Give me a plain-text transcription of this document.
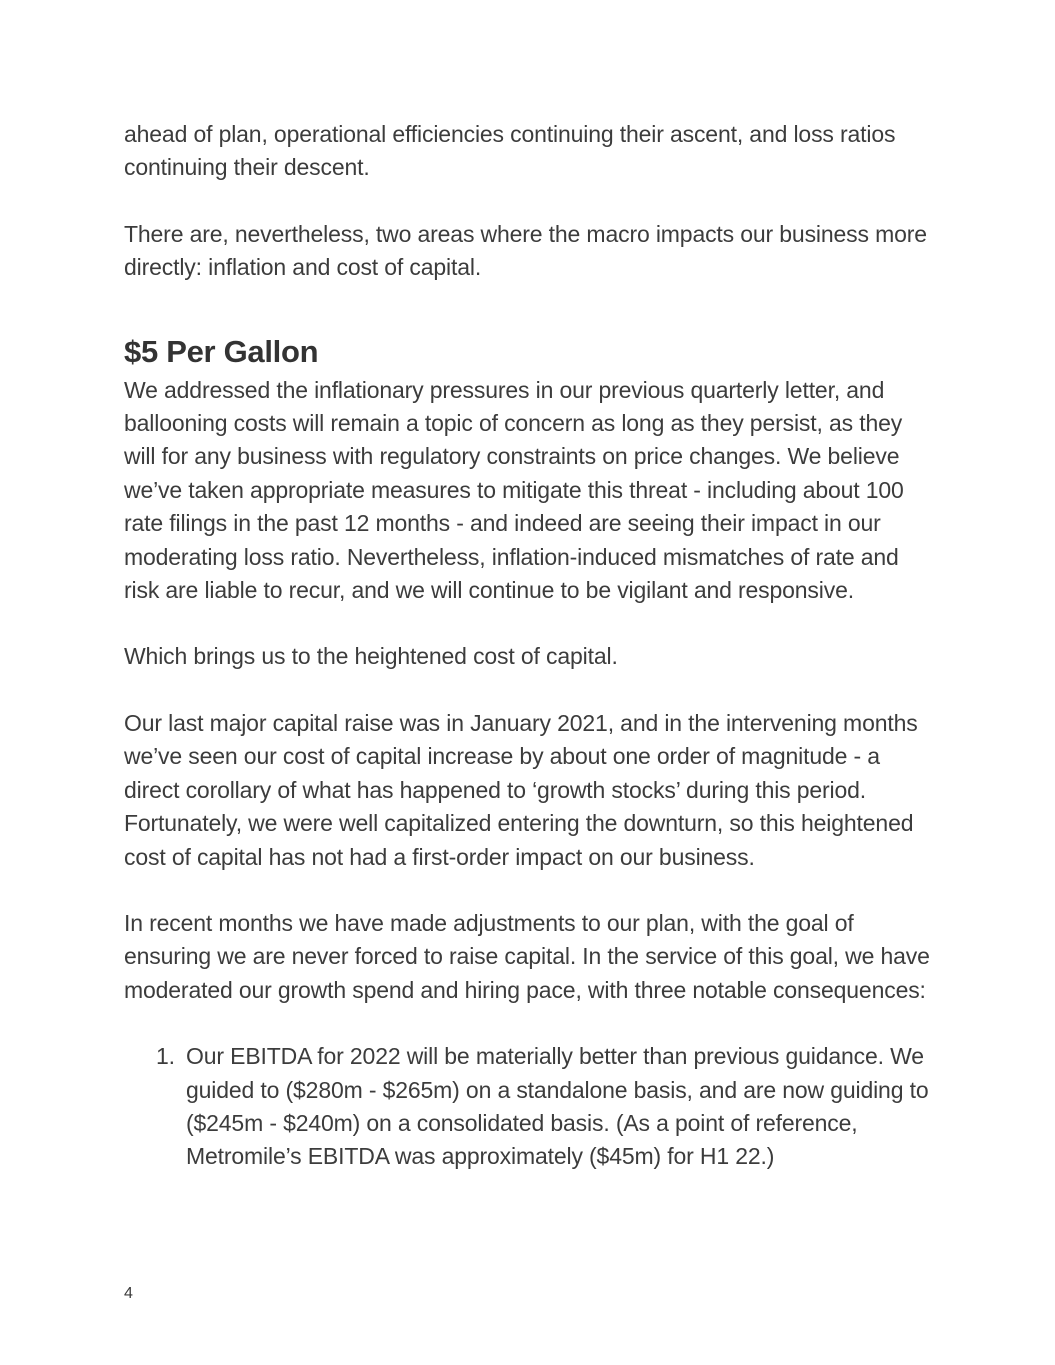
ahead of plan, operational efficiencies continuing their ascent, and loss ratios continuing their descent.

There are, nevertheless, two areas where the macro impacts our business more directly: inflation and cost of capital.

$5 Per Gallon

We addressed the inflationary pressures in our previous quarterly letter, and ballooning costs will remain a topic of concern as long as they persist, as they will for any business with regulatory constraints on price changes. We believe we’ve taken appropriate measures to mitigate this threat - including about 100 rate filings in the past 12 months - and indeed are seeing their impact in our moderating loss ratio. Nevertheless, inflation-induced mismatches of rate and risk are liable to recur, and we will continue to be vigilant and responsive.

Which brings us to the heightened cost of capital.

Our last major capital raise was in January 2021, and in the intervening months we’ve seen our cost of capital increase by about one order of magnitude - a direct corollary of what has happened to ‘growth stocks’ during this period. Fortunately, we were well capitalized entering the downturn, so this heightened cost of capital has not had a first-order impact on our business.

In recent months we have made adjustments to our plan, with the goal of ensuring we are never forced to raise capital. In the service of this goal, we have moderated our growth spend and hiring pace, with three notable consequences:

1. Our EBITDA for 2022 will be materially better than previous guidance. We guided to ($280m - $265m) on a standalone basis, and are now guiding to ($245m - $240m) on a consolidated basis. (As a point of reference, Metromile’s EBITDA was approximately ($45m) for H1 22.)
4
